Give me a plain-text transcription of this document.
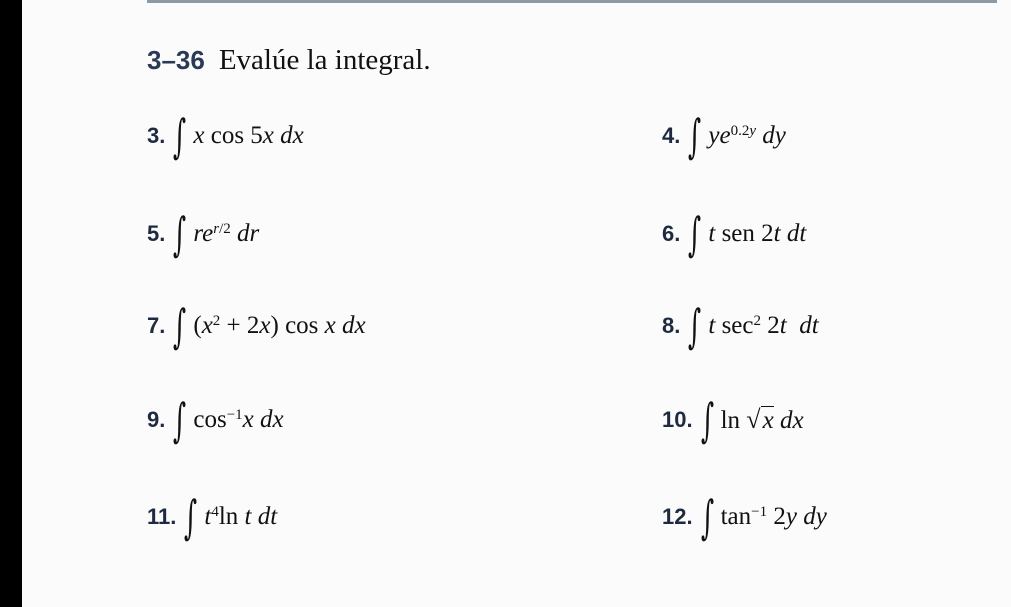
3–36 Evalúe la integral.
3. ∫ x cos 5x dx	4. ∫ $ye^{0.2y}$ dy
5. ∫ $re^{r/2}$ dr	6. ∫ t sen 2t dt
7. ∫ $(x^2 + 2x)$ cos x dx	8. ∫ t $\sec^2 2t$ dt
9. ∫ $\cos^{-1}x$ dx	10. ∫ ln √x dx
11. ∫ $t^4\ln$ t dt	12. ∫ $\tan^{-1} 2y$ dy
